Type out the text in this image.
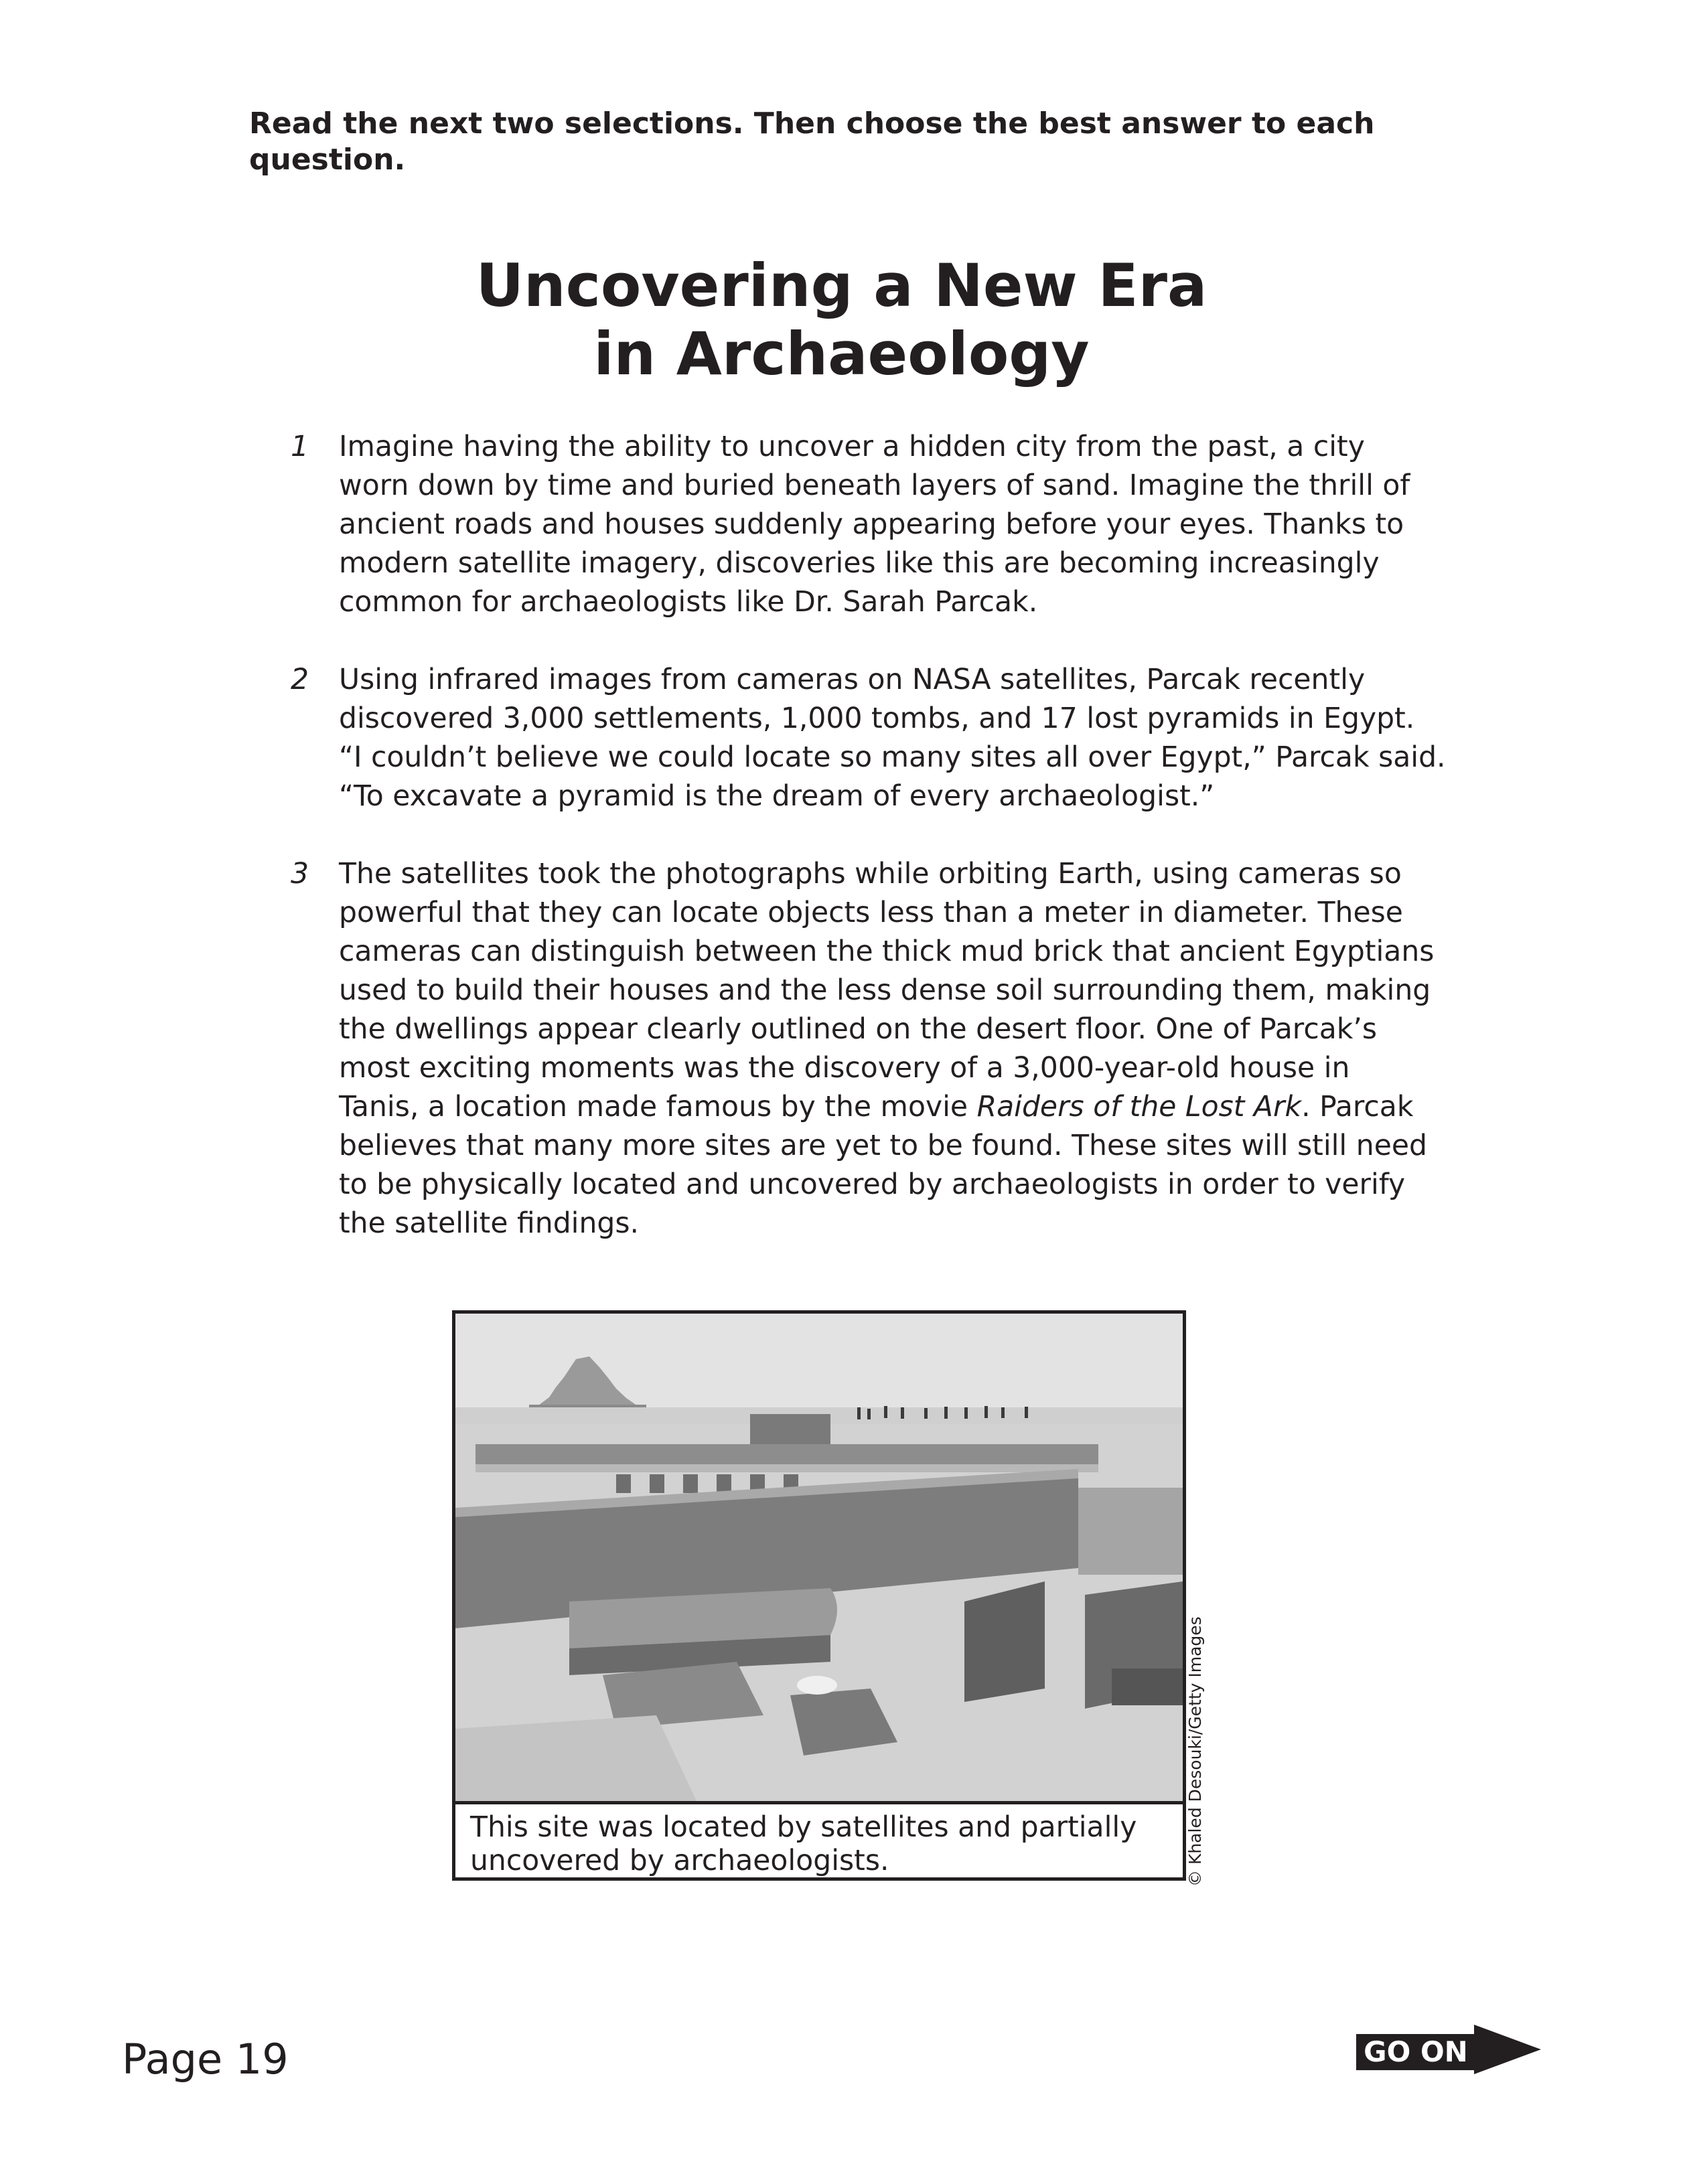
Read the next two selections. Then choose the best answer to each
question.

Uncovering a New Era
in Archaeology
1	Imagine having the ability to uncover a hidden city from the past, a city
worn down by time and buried beneath layers of sand. Imagine the thrill of
ancient roads and houses suddenly appearing before your eyes. Thanks to
modern satellite imagery, discoveries like this are becoming increasingly
common for archaeologists like Dr. Sarah Parcak.
2	Using infrared images from cameras on NASA satellites, Parcak recently
discovered 3,000 settlements, 1,000 tombs, and 17 lost pyramids in Egypt.
“I couldn’t believe we could locate so many sites all over Egypt,” Parcak said.
“To excavate a pyramid is the dream of every archaeologist.”
3	The satellites took the photographs while orbiting Earth, using cameras so
powerful that they can locate objects less than a meter in diameter. These
cameras can distinguish between the thick mud brick that ancient Egyptians
used to build their houses and the less dense soil surrounding them, making
the dwellings appear clearly outlined on the desert floor. One of Parcak’s
most exciting moments was the discovery of a 3,000-year-old house in
Tanis, a location made famous by the movie Raiders of the Lost Ark. Parcak
believes that many more sites are yet to be found. These sites will still need
to be physically located and uncovered by archaeologists in order to verify
the satellite findings.
This site was located by satellites and partially
uncovered by archaeologists.	© Khaled Desouki/Getty Images
Page 19	GO ON
